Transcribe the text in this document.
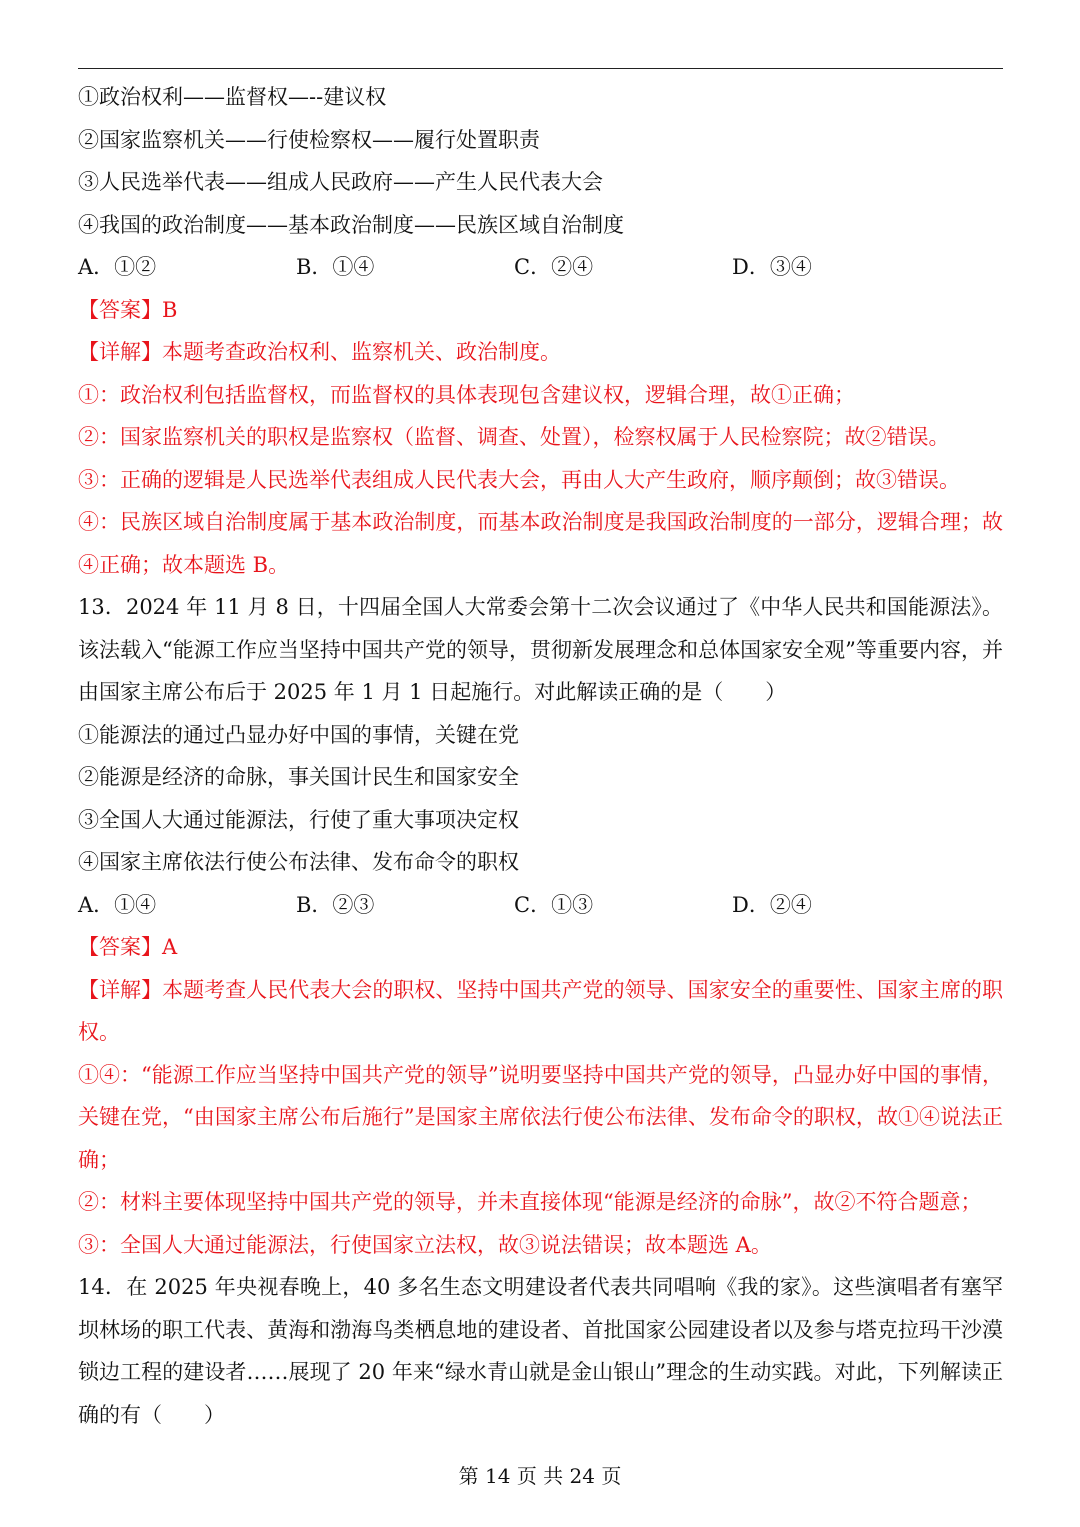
①政治权利——监督权—--建议权
②国家监察机关——行使检察权——履行处置职责
③人民选举代表——组成人民政府——产生人民代表大会
④我国的政治制度——基本政治制度——民族区域自治制度
A．①②	B．①④	C．②④	D．③④
【答案】B
【详解】本题考查政治权利、监察机关、政治制度。
①：政治权利包括监督权，而监督权的具体表现包含建议权，逻辑合理，故①正确；
②：国家监察机关的职权是监察权（监督、调查、处置），检察权属于人民检察院；故②错误。
③：正确的逻辑是人民选举代表组成人民代表大会，再由人大产生政府，顺序颠倒；故③错误。
④：民族区域自治制度属于基本政治制度，而基本政治制度是我国政治制度的一部分，逻辑合理；故④正确；故本题选 B。
13．2024 年 11 月 8 日，十四届全国人大常委会第十二次会议通过了《中华人民共和国能源法》。该法载入“能源工作应当坚持中国共产党的领导，贯彻新发展理念和总体国家安全观”等重要内容，并由国家主席公布后于 2025 年 1 月 1 日起施行。对此解读正确的是（　　）
①能源法的通过凸显办好中国的事情，关键在党
②能源是经济的命脉，事关国计民生和国家安全
③全国人大通过能源法，行使了重大事项决定权
④国家主席依法行使公布法律、发布命令的职权
A．①④	B．②③	C．①③	D．②④
【答案】A
【详解】本题考查人民代表大会的职权、坚持中国共产党的领导、国家安全的重要性、国家主席的职权。
①④：“能源工作应当坚持中国共产党的领导”说明要坚持中国共产党的领导，凸显办好中国的事情，关键在党，“由国家主席公布后施行”是国家主席依法行使公布法律、发布命令的职权，故①④说法正确；
②：材料主要体现坚持中国共产党的领导，并未直接体现“能源是经济的命脉”，故②不符合题意；
③：全国人大通过能源法，行使国家立法权，故③说法错误；故本题选 A。
14．在 2025 年央视春晚上，40 多名生态文明建设者代表共同唱响《我的家》。这些演唱者有塞罕坝林场的职工代表、黄海和渤海鸟类栖息地的建设者、首批国家公园建设者以及参与塔克拉玛干沙漠锁边工程的建设者……展现了 20 年来“绿水青山就是金山银山”理念的生动实践。对此，下列解读正确的有（　　）
第 14 页 共 24 页
